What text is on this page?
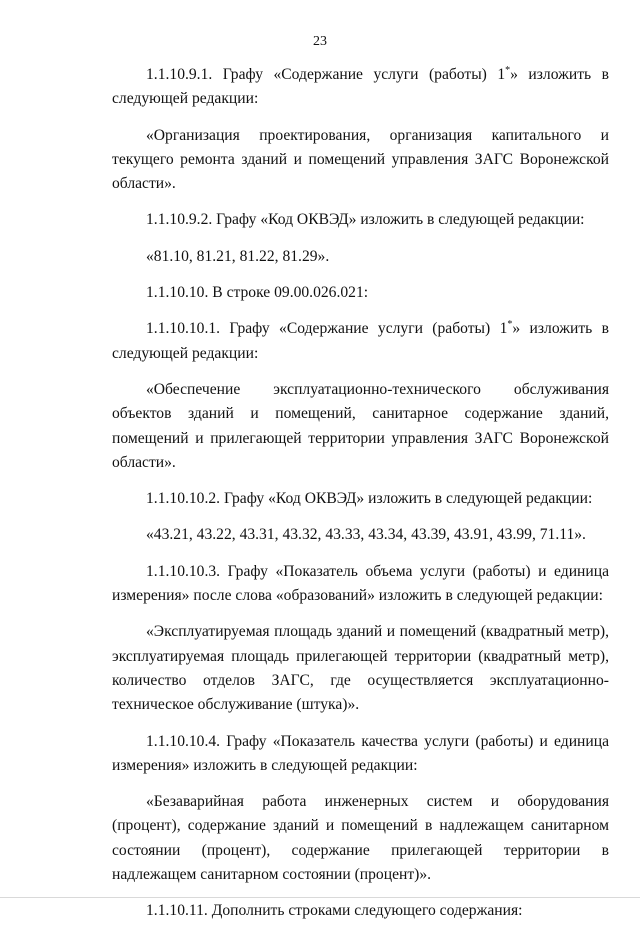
23

1.1.10.9.1. Графу «Содержание услуги (работы) 1*» изложить в следующей редакции:

«Организация проектирования, организация капитального и текущего ремонта зданий и помещений управления ЗАГС Воронежской области».

1.1.10.9.2. Графу «Код ОКВЭД» изложить в следующей редакции:

«81.10, 81.21, 81.22, 81.29».

1.1.10.10. В строке 09.00.026.021:

1.1.10.10.1. Графу «Содержание услуги (работы) 1*» изложить в следующей редакции:

«Обеспечение эксплуатационно-технического обслуживания объектов зданий и помещений, санитарное содержание зданий, помещений и прилегающей территории управления ЗАГС Воронежской области».

1.1.10.10.2. Графу «Код ОКВЭД» изложить в следующей редакции:

«43.21, 43.22, 43.31, 43.32, 43.33, 43.34, 43.39, 43.91, 43.99, 71.11».

1.1.10.10.3. Графу «Показатель объема услуги (работы) и единица измерения» после слова «образований» изложить в следующей редакции:

«Эксплуатируемая площадь зданий и помещений (квадратный метр), эксплуатируемая площадь прилегающей территории (квадратный метр), количество отделов ЗАГС, где осуществляется эксплуатационно-техническое обслуживание (штука)».

1.1.10.10.4. Графу «Показатель качества услуги (работы) и единица измерения» изложить в следующей редакции:

«Безаварийная работа инженерных систем и оборудования (процент), содержание зданий и помещений в надлежащем санитарном состоянии (процент), содержание прилегающей территории в надлежащем санитарном состоянии (процент)».

1.1.10.11. Дополнить строками следующего содержания:
